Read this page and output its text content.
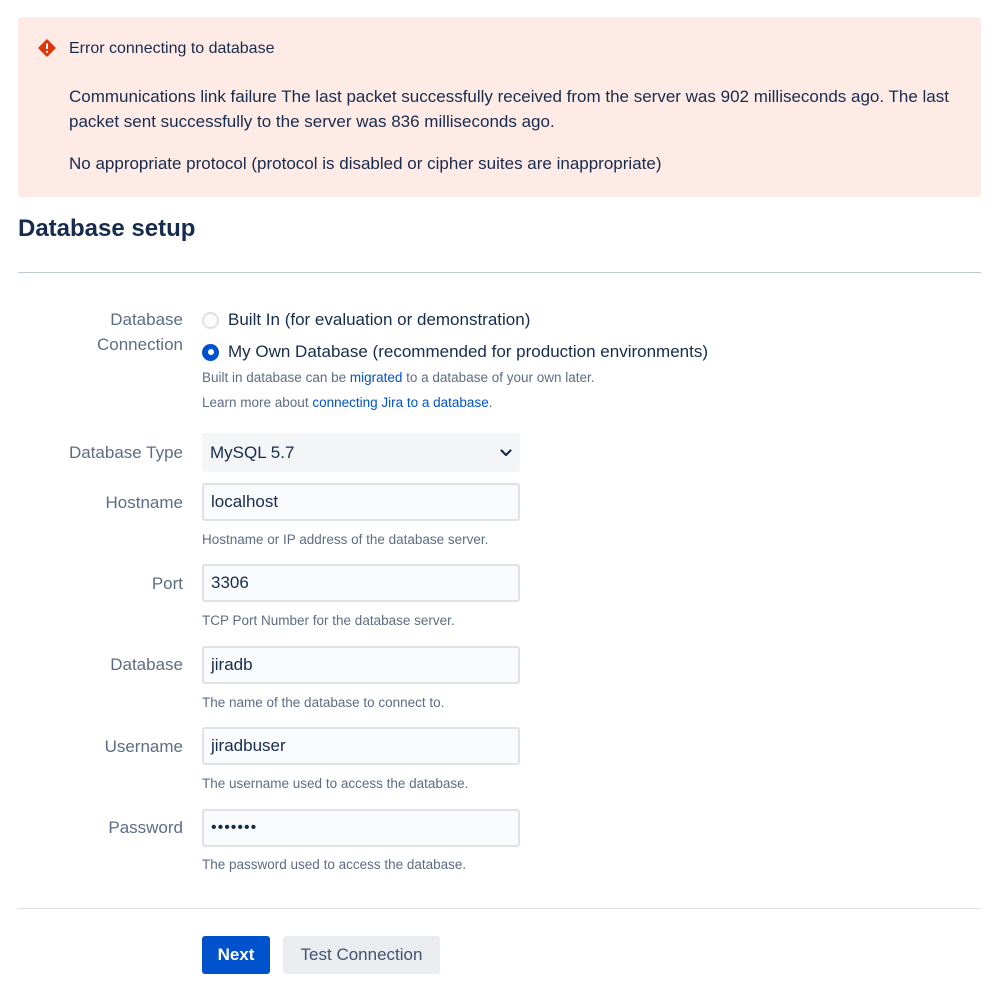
Error connecting to database
Communications link failure The last packet successfully received from the server was 902 milliseconds ago. The last packet sent successfully to the server was 836 milliseconds ago.
No appropriate protocol (protocol is disabled or cipher suites are inappropriate)
Database setup
Database
Connection
Built In (for evaluation or demonstration)
My Own Database (recommended for production environments)
Built in database can be migrated to a database of your own later.
Learn more about connecting Jira to a database.
Database Type MySQL 5.7
Hostname	localhost
Hostname or IP address of the database server.
Port	3306
TCP Port Number for the database server.
Database	jiradb
The name of the database to connect to.
Username	jiradbuser
The username used to access the database.
Password	•••••••
The password used to access the database.
Next	Test Connection
